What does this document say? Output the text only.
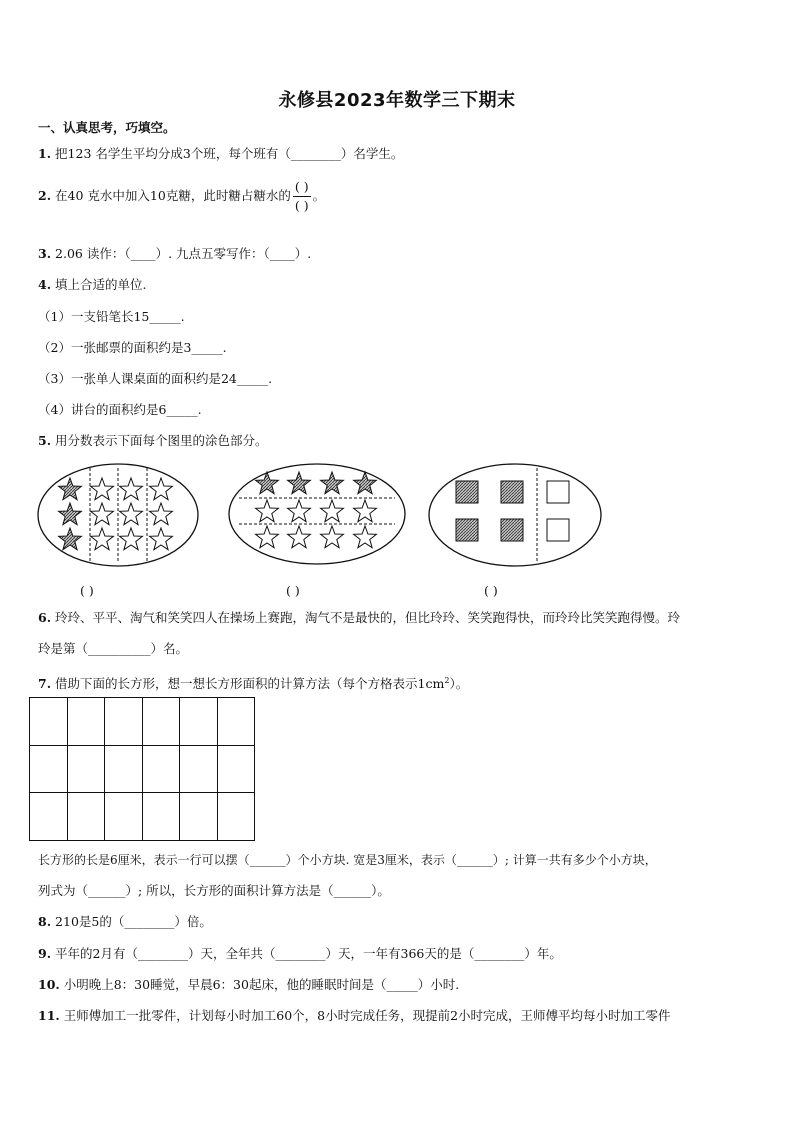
永修县2023年数学三下期末
一、认真思考，巧填空。
1. 把123 名学生平均分成3个班，每个班有（________）名学生。
2. 在40 克水中加入10克糖，此时糖占糖水的 $\frac{( )}{( )}$ 。
3. 2.06 读作：（____）. 九点五零写作：（____）.
4. 填上合适的单位.
（1）一支铅笔长15_____.
（2）一张邮票的面积约是3_____.
（3）一张单人课桌面的面积约是24_____.
（4）讲台的面积约是6_____.
5. 用分数表示下面每个图里的涂色部分。
( )	( )	( )
6. 玲玲、平平、淘气和笑笑四人在操场上赛跑，淘气不是最快的，但比玲玲、笑笑跑得快，而玲玲比笑笑跑得慢。玲
玲是第（__________）名。
7. 借助下面的长方形，想一想长方形面积的计算方法（每个方格表示$1cm^2$）。

长方形的长是6厘米，表示一行可以摆（______）个小方块. 宽是3厘米，表示（______）; 计算一共有多少个小方块，
列式为（______）; 所以，长方形的面积计算方法是（______）。
8. 210是5的（________）倍。
9. 平年的2月有（________）天，全年共（________）天，一年有366天的是（________）年。
10. 小明晚上8：30睡觉，早晨6：30起床，他的睡眠时间是（_____）小时.
11. 王师傅加工一批零件，计划每小时加工60个，8小时完成任务，现提前2小时完成，王师傅平均每小时加工零件
